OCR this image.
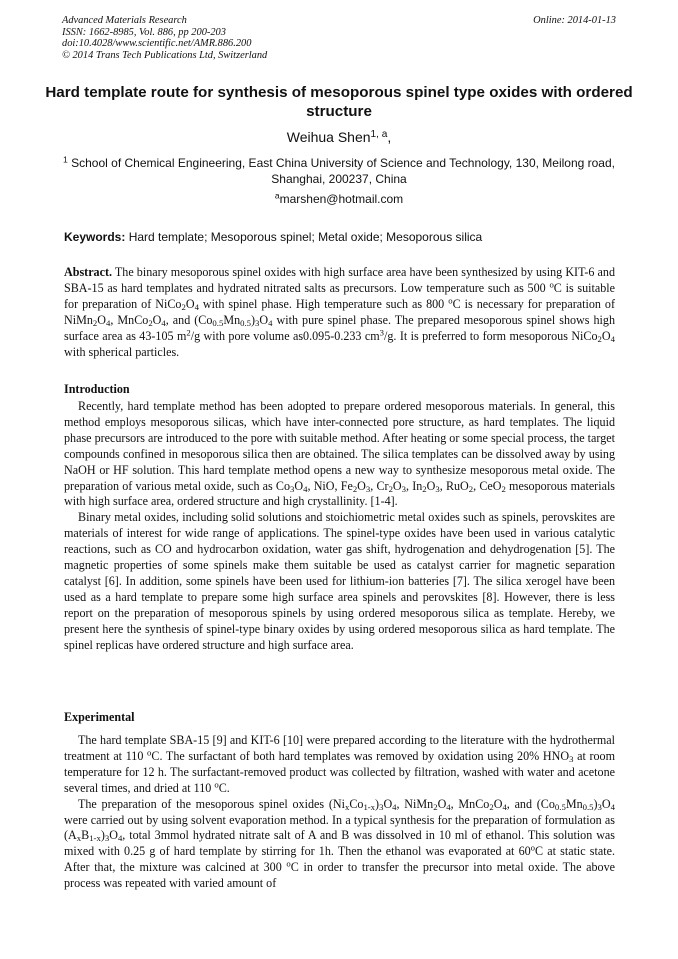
Advanced Materials Research
ISSN: 1662-8985, Vol. 886, pp 200-203
doi:10.4028/www.scientific.net/AMR.886.200
© 2014 Trans Tech Publications Ltd, Switzerland
Online: 2014-01-13
Hard template route for synthesis of mesoporous spinel type oxides with ordered structure
Weihua Shen$^{1, a}$,
$^1$ School of Chemical Engineering, East China University of Science and Technology, 130, Meilong road, Shanghai, 200237, China
$^a$marshen@hotmail.com
Keywords: Hard template; Mesoporous spinel; Metal oxide; Mesoporous silica

Abstract. The binary mesoporous spinel oxides with high surface area have been synthesized by using KIT-6 and SBA-15 as hard templates and hydrated nitrated salts as precursors. Low temperature such as 500 $^o$C is suitable for preparation of $NiCo_2O_4$ with spinel phase. High temperature such as 800 $^o$C is necessary for preparation of $NiMn_2O_4$, $MnCo_2O_4$, and $(Co_{0.5}Mn_{0.5})_3O_4$ with pure spinel phase. The prepared mesoporous spinel shows high surface area as 43-105 $m^2/g$ with pore volume as0.095-0.233 $cm^3/g$. It is preferred to form mesoporous $NiCo_2O_4$ with spherical particles.

Introduction

Recently, hard template method has been adopted to prepare ordered mesoporous materials. In general, this method employs mesoporous silicas, which have inter-connected pore structure, as hard templates. The liquid phase precursors are introduced to the pore with suitable method. After heating or some special process, the target compounds confined in mesoporous silica then are obtained. The silica templates can be dissolved away by using NaOH or HF solution. This hard template method opens a new way to synthesize mesoporous metal oxide. The preparation of various metal oxide, such as $Co_3O_4$, NiO, $Fe_2O_3$, $Cr_2O_3$, $In_2O_3$, RuO$_2$, CeO$_2$ mesoporous materials with high surface area, ordered structure and high crystallinity. [1-4].

Binary metal oxides, including solid solutions and stoichiometric metal oxides such as spinels, perovskites are materials of interest for wide range of applications. The spinel-type oxides have been used in various catalytic reactions, such as CO and hydrocarbon oxidation, water gas shift, hydrogenation and dehydrogenation [5]. The magnetic properties of some spinels make them suitable be used as catalyst carrier for magnetic separation catalyst [6]. In addition, some spinels have been used for lithium-ion batteries [7]. The silica xerogel have been used as a hard template to prepare some high surface area spinels and perovskites [8]. However, there is less report on the preparation of mesoporous spinels by using ordered mesoporous silica as template. Hereby, we present here the synthesis of spinel-type binary oxides by using ordered mesoporous silica as hard template. The spinel replicas have ordered structure and high surface area.

Experimental

The hard template SBA-15 [9] and KIT-6 [10] were prepared according to the literature with the hydrothermal treatment at 110 $^o$C. The surfactant of both hard templates was removed by oxidation using 20% $HNO_3$ at room temperature for 12 h. The surfactant-removed product was collected by filtration, washed with water and acetone several times, and dried at 110 $^o$C.

The preparation of the mesoporous spinel oxides $(Ni_xCo_{1-x})_3O_4$, $NiMn_2O_4$, $MnCo_2O_4$, and $(Co_{0.5}Mn_{0.5})_3O_4$ were carried out by using solvent evaporation method. In a typical synthesis for the preparation of formulation as $(A_xB_{1-x})_3O_4$, total 3mmol hydrated nitrate salt of A and B was dissolved in 10 ml of ethanol. This solution was mixed with 0.25 g of hard template by stirring for 1h. Then the ethanol was evaporated at 60$^o$C at static state. After that, the mixture was calcined at 300 $^o$C in order to transfer the precursor into metal oxide. The above process was repeated with varied amount of
